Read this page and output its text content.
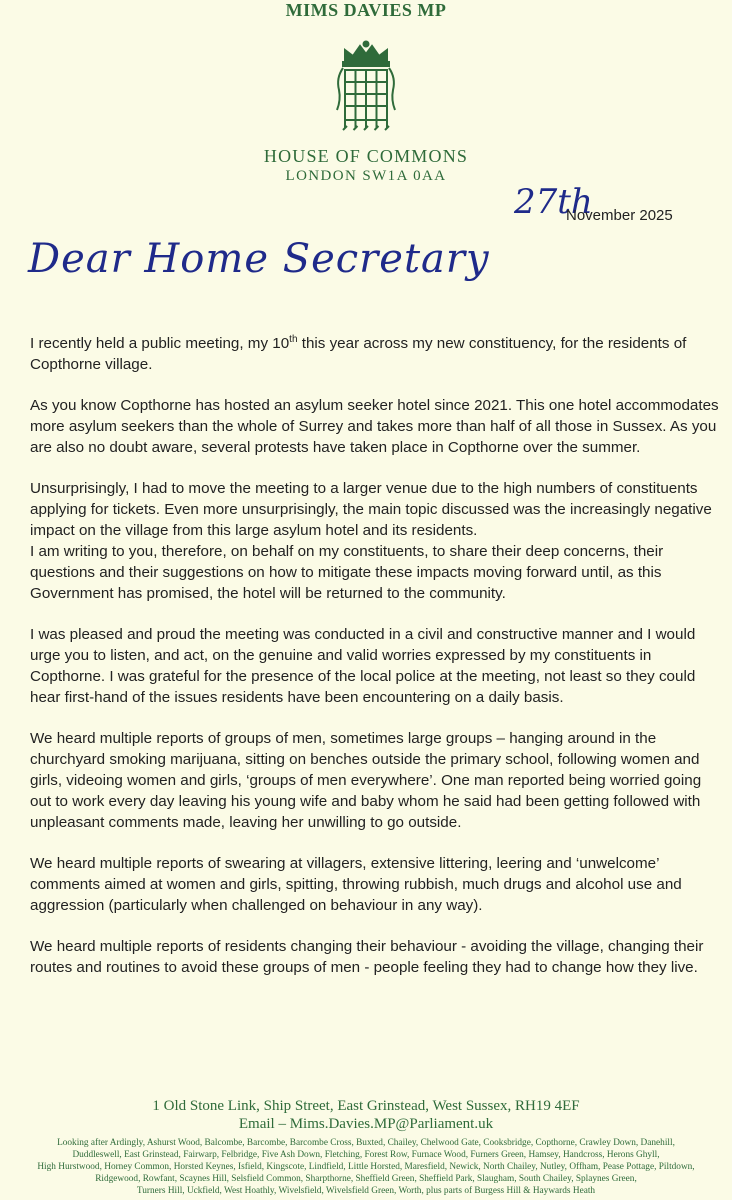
MIMS DAVIES MP
HOUSE OF COMMONS
LONDON SW1A 0AA
27th
November 2025
Dear Home Secretary

I recently held a public meeting, my 10th this year across my new constituency, for the residents of Copthorne village.

As you know Copthorne has hosted an asylum seeker hotel since 2021. This one hotel accommodates more asylum seekers than the whole of Surrey and takes more than half of all those in Sussex. As you are also no doubt aware, several protests have taken place in Copthorne over the summer.

Unsurprisingly, I had to move the meeting to a larger venue due to the high numbers of constituents applying for tickets. Even more unsurprisingly, the main topic discussed was the increasingly negative impact on the village from this large asylum hotel and its residents.

I am writing to you, therefore, on behalf on my constituents, to share their deep concerns, their questions and their suggestions on how to mitigate these impacts moving forward until, as this Government has promised, the hotel will be returned to the community.

I was pleased and proud the meeting was conducted in a civil and constructive manner and I would urge you to listen, and act, on the genuine and valid worries expressed by my constituents in Copthorne. I was grateful for the presence of the local police at the meeting, not least so they could hear first-hand of the issues residents have been encountering on a daily basis.

We heard multiple reports of groups of men, sometimes large groups – hanging around in the churchyard smoking marijuana, sitting on benches outside the primary school, following women and girls, videoing women and girls, ‘groups of men everywhere’. One man reported being worried going out to work every day leaving his young wife and baby whom he said had been getting followed with unpleasant comments made, leaving her unwilling to go outside.

We heard multiple reports of swearing at villagers, extensive littering, leering and ‘unwelcome’ comments aimed at women and girls, spitting, throwing rubbish, much drugs and alcohol use and aggression (particularly when challenged on behaviour in any way).

We heard multiple reports of residents changing their behaviour - avoiding the village, changing their routes and routines to avoid these groups of men - people feeling they had to change how they live.

1 Old Stone Link, Ship Street, East Grinstead, West Sussex, RH19 4EF
Email – Mims.Davies.MP@Parliament.uk
Looking after Ardingly, Ashurst Wood, Balcombe, Barcombe, Barcombe Cross, Buxted, Chailey, Chelwood Gate, Cooksbridge, Copthorne, Crawley Down, Danehill,
Duddleswell, East Grinstead, Fairwarp, Felbridge, Five Ash Down, Fletching, Forest Row, Furnace Wood, Furners Green, Hamsey, Handcross, Herons Ghyll,
High Hurstwood, Horney Common, Horsted Keynes, Isfield, Kingscote, Lindfield, Little Horsted, Maresfield, Newick, North Chailey, Nutley, Offham, Pease Pottage, Piltdown,
Ridgewood, Rowfant, Scaynes Hill, Selsfield Common, Sharpthorne, Sheffield Green, Sheffield Park, Slaugham, South Chailey, Splaynes Green,
Turners Hill, Uckfield, West Hoathly, Wivelsfield, Wivelsfield Green, Worth, plus parts of Burgess Hill & Haywards Heath
